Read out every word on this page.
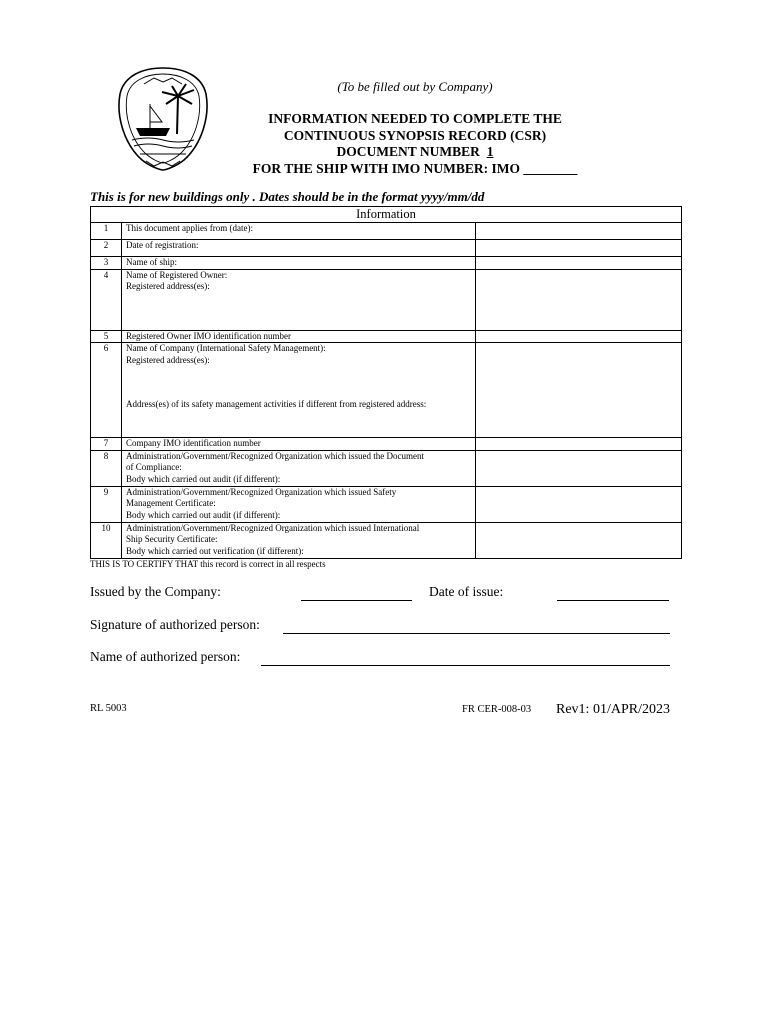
(To be filled out by Company)
INFORMATION NEEDED TO COMPLETE THE
CONTINUOUS SYNOPSIS RECORD (CSR)
DOCUMENT NUMBER 1
FOR THE SHIP WITH IMO NUMBER: IMO ________
This is for new buildings only . Dates should be in the format yyyy/mm/dd
Information		
1	This document applies from (date):	
2	Date of registration:	
3	Name of ship:	
4	Name of Registered Owner:
Registered address(es):	

5	Registered Owner IMO identification number	
6	Name of Company (International Safety Management):
Registered address(es):
Address(es) of its safety management activities if different from registered address:	

7	Company IMO identification number	
8	Administration/Government/Recognized Organization which issued the Document
of Compliance:
Body which carried out audit (if different):	

9	Administration/Government/Recognized Organization which issued Safety
Management Certificate:
Body which carried out audit (if different):	

10	Administration/Government/Recognized Organization which issued International
Ship Security Certificate:
Body which carried out verification (if different):	

THIS IS TO CERTIFY THAT this record is correct in all respects
Issued by the Company:	Date of issue:
Signature of authorized person:
Name of authorized person:
RL 5003	FR CER-008-03 Rev1: 01/APR/2023
